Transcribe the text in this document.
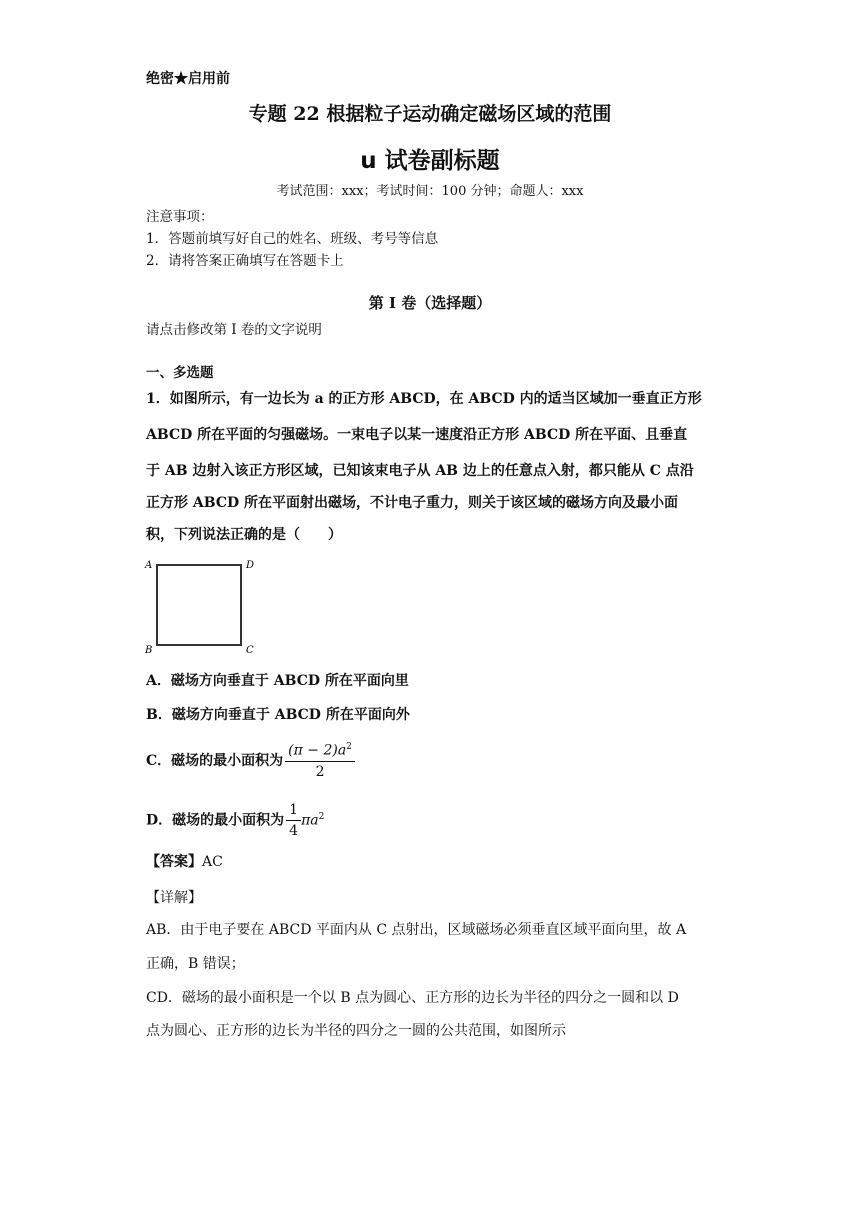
绝密★启用前
专题 22 根据粒子运动确定磁场区域的范围
u 试卷副标题
考试范围：xxx；考试时间：100 分钟；命题人：xxx
注意事项：
1．答题前填写好自己的姓名、班级、考号等信息
2．请将答案正确填写在答题卡上
第 I 卷（选择题）
请点击修改第 I 卷的文字说明
一、多选题
1．如图所示，有一边长为 a 的正方形 ABCD，在 ABCD 内的适当区域加一垂直正方形
ABCD 所在平面的匀强磁场。一束电子以某一速度沿正方形 ABCD 所在平面、且垂直
于 AB 边射入该正方形区域，已知该束电子从 AB 边上的任意点入射，都只能从 C 点沿
正方形 ABCD 所在平面射出磁场，不计电子重力，则关于该区域的磁场方向及最小面
积，下列说法正确的是（　　）
A	D
B	C
A．磁场方向垂直于 ABCD 所在平面向里
B．磁场方向垂直于 ABCD 所在平面向外
C．磁场的最小面积为 $\frac{(\pi - 2)a^2}{2}$
D．磁场的最小面积为 $\frac{1}{4} \pi a^2$
【答案】AC
【详解】
AB．由于电子要在 ABCD 平面内从 C 点射出，区域磁场必须垂直区域平面向里，故 A
正确，B 错误；
CD．磁场的最小面积是一个以 B 点为圆心、正方形的边长为半径的四分之一圆和以 D
点为圆心、正方形的边长为半径的四分之一圆的公共范围，如图所示
